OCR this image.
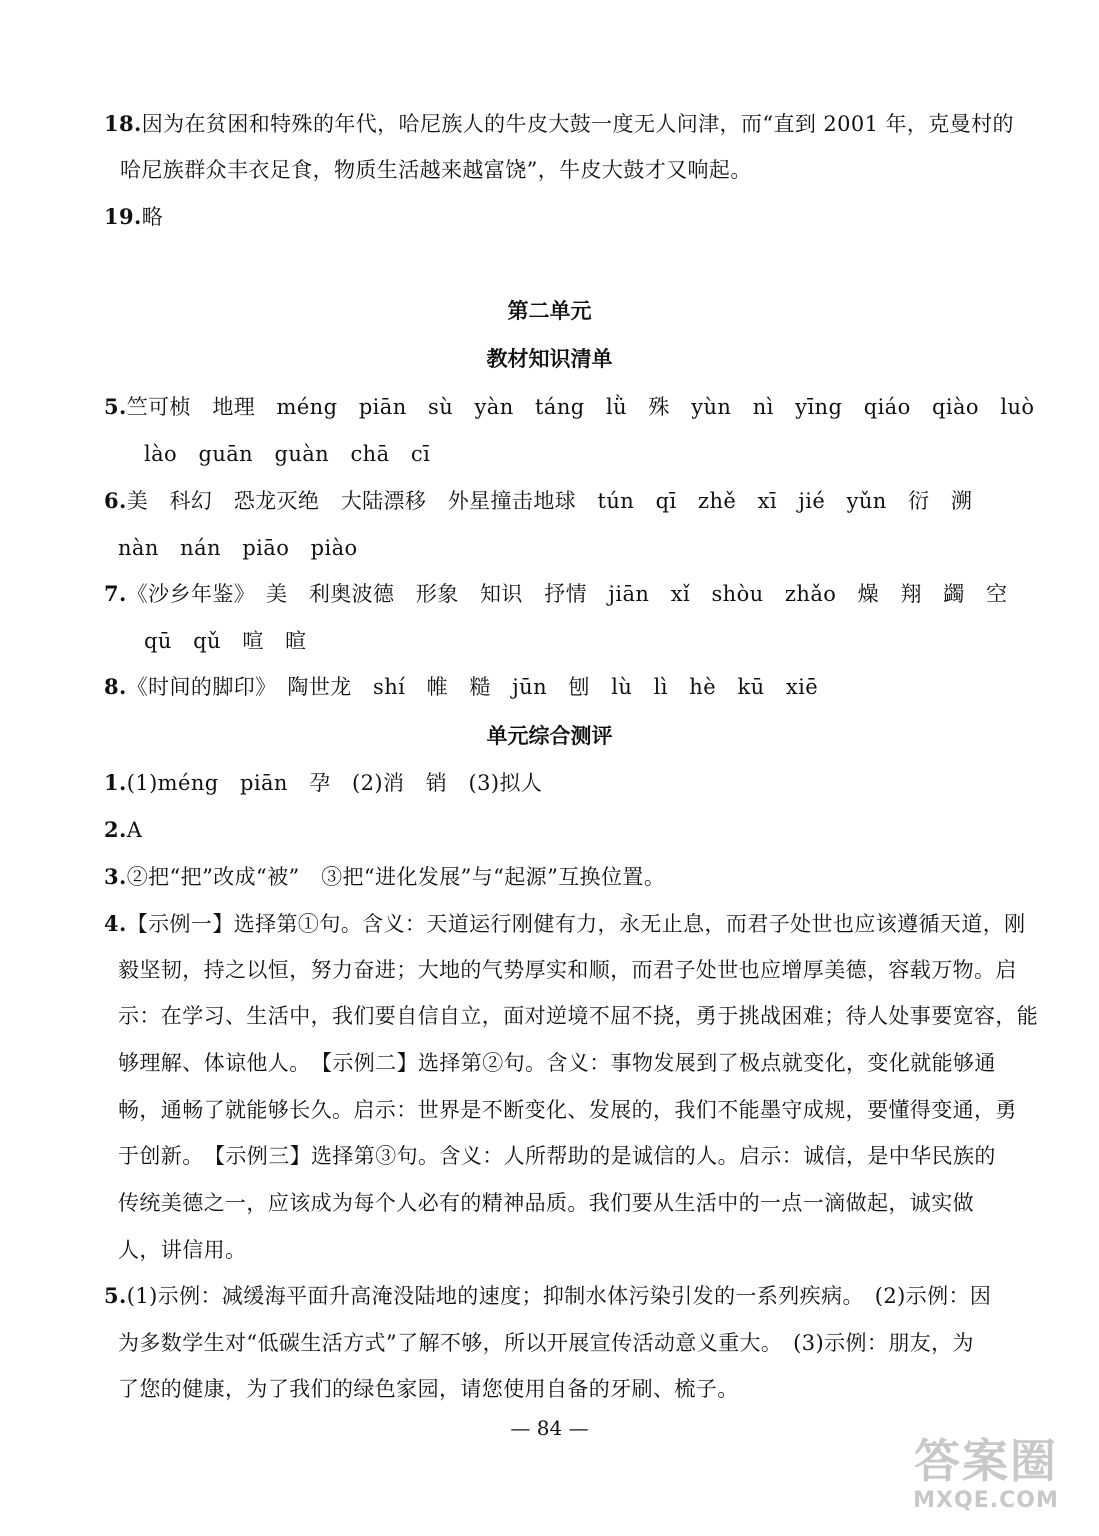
18.因为在贫困和特殊的年代，哈尼族人的牛皮大鼓一度无人问津，而“直到 2001 年，克曼村的
哈尼族群众丰衣足食，物质生活越来越富饶”，牛皮大鼓才又响起。
19.略
第二单元
教材知识清单
5.竺可桢　地理　méng　piān　sù　yàn　táng　lǜ　殊　yùn　nì　yīng　qiáo　qiào　luò
lào　guān　guàn　chā　cī
6.美　科幻　恐龙灭绝　大陆漂移　外星撞击地球　tún　qī　zhě　xī　jié　yǔn　衍　溯
nàn　nán　piāo　piào
7.《沙乡年鉴》　美　利奥波德　形象　知识　抒情　jiān　xǐ　shòu　zhǎo　燥　翔　蠲　空
qū　qǔ　喧　暄
8.《时间的脚印》　陶世龙　shí　帷　糙　jūn　刨　lù　lì　hè　kū　xiē
单元综合测评
1.(1)méng　piān　孕　(2)消　销　(3)拟人
2.A
3.②把“把”改成“被”　③把“进化发展”与“起源”互换位置。
4.【示例一】选择第①句。含义：天道运行刚健有力，永无止息，而君子处世也应该遵循天道，刚
毅坚韧，持之以恒，努力奋进；大地的气势厚实和顺，而君子处世也应增厚美德，容载万物。启
示：在学习、生活中，我们要自信自立，面对逆境不屈不挠，勇于挑战困难；待人处事要宽容，能
够理解、体谅他人。　【示例二】选择第②句。含义：事物发展到了极点就变化，变化就能够通
畅，通畅了就能够长久。启示：世界是不断变化、发展的，我们不能墨守成规，要懂得变通，勇
于创新。　【示例三】选择第③句。含义：人所帮助的是诚信的人。启示：诚信，是中华民族的
传统美德之一，应该成为每个人必有的精神品质。我们要从生活中的一点一滴做起，诚实做
人，讲信用。
5.(1)示例：减缓海平面升高淹没陆地的速度；抑制水体污染引发的一系列疾病。　(2)示例：因
为多数学生对“低碳生活方式”了解不够，所以开展宣传活动意义重大。　(3)示例：朋友，为
了您的健康，为了我们的绿色家园，请您使用自备的牙刷、梳子。
— 84 —
答案圈
MXQE.COM
